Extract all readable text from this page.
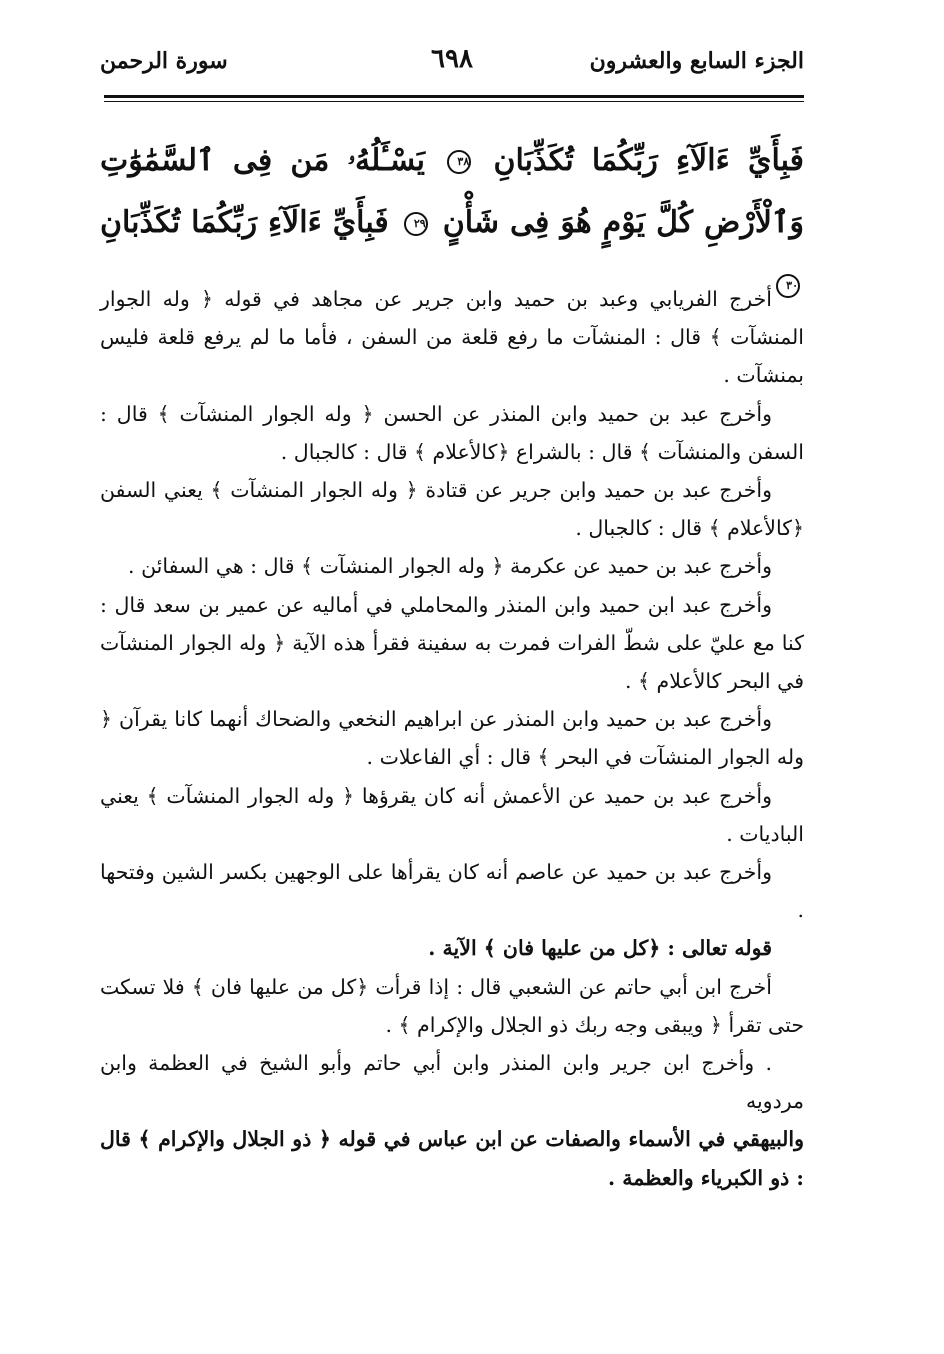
الجزء السابع والعشرون
٦٩٨
سورة الرحمن
فَبِأَيِّ ءَالَآءِ رَبِّكُمَا تُكَذِّبَانِ ٣٨ يَسْـَٔلُهُۥ مَن فِى ٱلسَّمَٰوَٰتِ وَٱلْأَرْضِ كُلَّ يَوْمٍ هُوَ فِى شَأْنٍ ٢٩ فَبِأَيِّ ءَالَآءِ رَبِّكُمَا تُكَذِّبَانِ ٣٠

أخرج الفريابي وعبد بن حميد وابن جرير عن مجاهد في قوله ﴿ وله الجوار المنشآت ﴾ قال : المنشآت ما رفع قلعة من السفن ، فأما ما لم يرفع قلعة فليس بمنشآت .

وأخرج عبد بن حميد وابن المنذر عن الحسن ﴿ وله الجوار المنشآت ﴾ قال : السفن والمنشآت ﴾ قال : بالشراع ﴿كالأعلام ﴾ قال : كالجبال .

وأخرج عبد بن حميد وابن جرير عن قتادة ﴿ وله الجوار المنشآت ﴾ يعني السفن ﴿كالأعلام ﴾ قال : كالجبال .

وأخرج عبد بن حميد عن عكرمة ﴿ وله الجوار المنشآت ﴾ قال : هي السفائن .

وأخرج عبد ابن حميد وابن المنذر والمحاملي في أماليه عن عمير بن سعد قال : كنا مع عليّ على شطّ الفرات فمرت به سفينة فقرأ هذه الآية ﴿ وله الجوار المنشآت في البحر كالأعلام ﴾ .

وأخرج عبد بن حميد وابن المنذر عن ابراهيم النخعي والضحاك أنهما كانا يقرآن ﴿ وله الجوار المنشآت في البحر ﴾ قال : أي الفاعلات .

وأخرج عبد بن حميد عن الأعمش أنه كان يقرؤها ﴿ وله الجوار المنشآت ﴾ يعني الباديات .

وأخرج عبد بن حميد عن عاصم أنه كان يقرأها على الوجهين بكسر الشين وفتحها .

قوله تعالى : ﴿كل من عليها فان ﴾ الآية .

أخرج ابن أبي حاتم عن الشعبي قال : إذا قرأت ﴿كل من عليها فان ﴾ فلا تسكت حتى تقرأ ﴿ ويبقى وجه ربك ذو الجلال والإكرام ﴾ .

. وأخرج ابن جرير وابن المنذر وابن أبي حاتم وأبو الشيخ في العظمة وابن مردويه

والبيهقي في الأسماء والصفات عن ابن عباس في قوله ﴿ ذو الجلال والإكرام ﴾ قال : ذو الكبرياء والعظمة .
